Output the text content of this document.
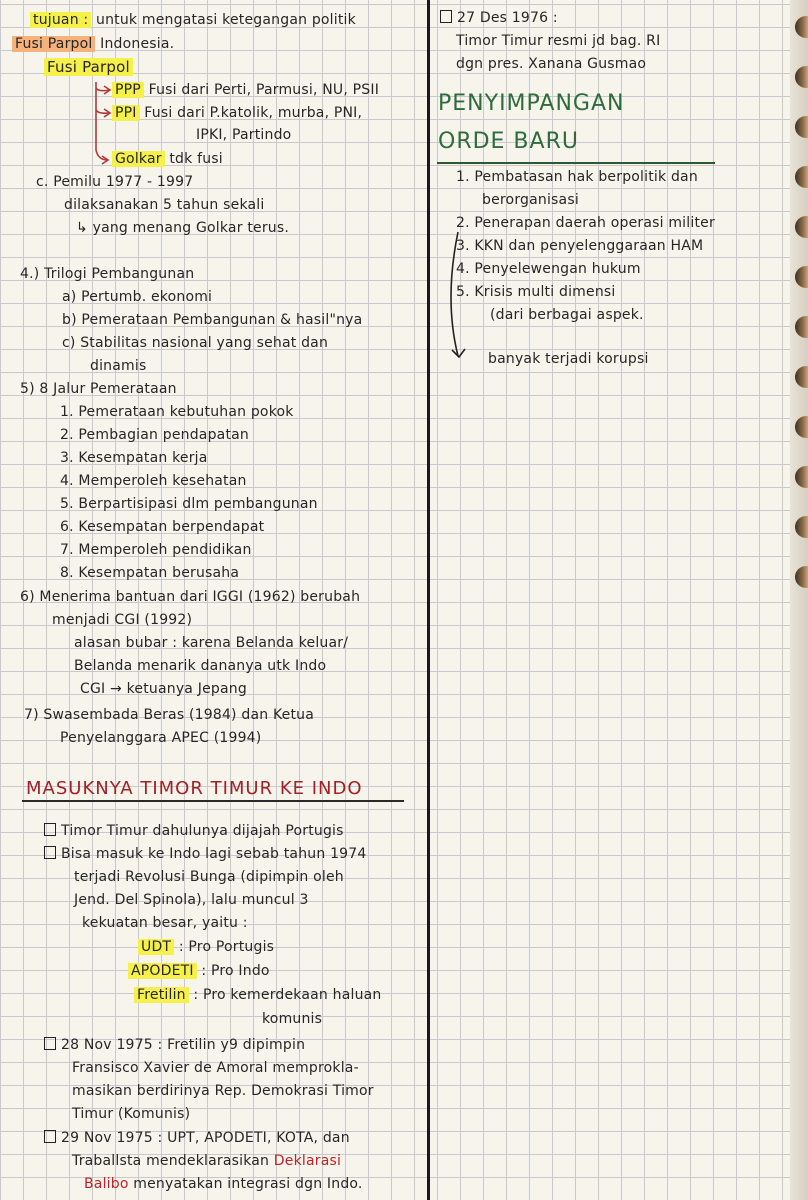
tujuan : untuk mengatasi ketegangan politik
Fusi Parpol Indonesia.
Fusi Parpol
PPP Fusi dari Perti, Parmusi, NU, PSII
PPI Fusi dari P.katolik, murba, PNI,
IPKI, Partindo
Golkar tdk fusi
c. Pemilu 1977 - 1997
dilaksanakan 5 tahun sekali
↳ yang menang Golkar terus.
4.) Trilogi Pembangunan
a) Pertumb. ekonomi
b) Pemerataan Pembangunan & hasil"nya
c) Stabilitas nasional yang sehat dan
dinamis
5) 8 Jalur Pemerataan
1. Pemerataan kebutuhan pokok
2. Pembagian pendapatan
3. Kesempatan kerja
4. Memperoleh kesehatan
5. Berpartisipasi dlm pembangunan
6. Kesempatan berpendapat
7. Memperoleh pendidikan
8. Kesempatan berusaha
6) Menerima bantuan dari IGGI (1962) berubah
menjadi CGI (1992)
alasan bubar : karena Belanda keluar/
Belanda menarik dananya utk Indo
CGI → ketuanya Jepang
7) Swasembada Beras (1984) dan Ketua
Penyelanggara APEC (1994)
MASUKNYA TIMOR TIMUR KE INDO
Timor Timur dahulunya dijajah Portugis
Bisa masuk ke Indo lagi sebab tahun 1974
terjadi Revolusi Bunga (dipimpin oleh
Jend. Del Spinola), lalu muncul 3
kekuatan besar, yaitu :
UDT : Pro Portugis
APODETI : Pro Indo
Fretilin : Pro kemerdekaan haluan
komunis
28 Nov 1975 : Fretilin y9 dipimpin
Fransisco Xavier de Amoral memprokla-
masikan berdirinya Rep. Demokrasi Timor
Timur (Komunis)
29 Nov 1975 : UPT, APODETI, KOTA, dan
Traballsta mendeklarasikan Deklarasi
Balibo menyatakan integrasi dgn Indo.
27 Des 1976 :
Timor Timur resmi jd bag. RI
dgn pres. Xanana Gusmao
PENYIMPANGAN
ORDE BARU
1. Pembatasan hak berpolitik dan
berorganisasi
2. Penerapan daerah operasi militer
3. KKN dan penyelenggaraan HAM
4. Penyelewengan hukum
5. Krisis multi dimensi
(dari berbagai aspek.
banyak terjadi korupsi
